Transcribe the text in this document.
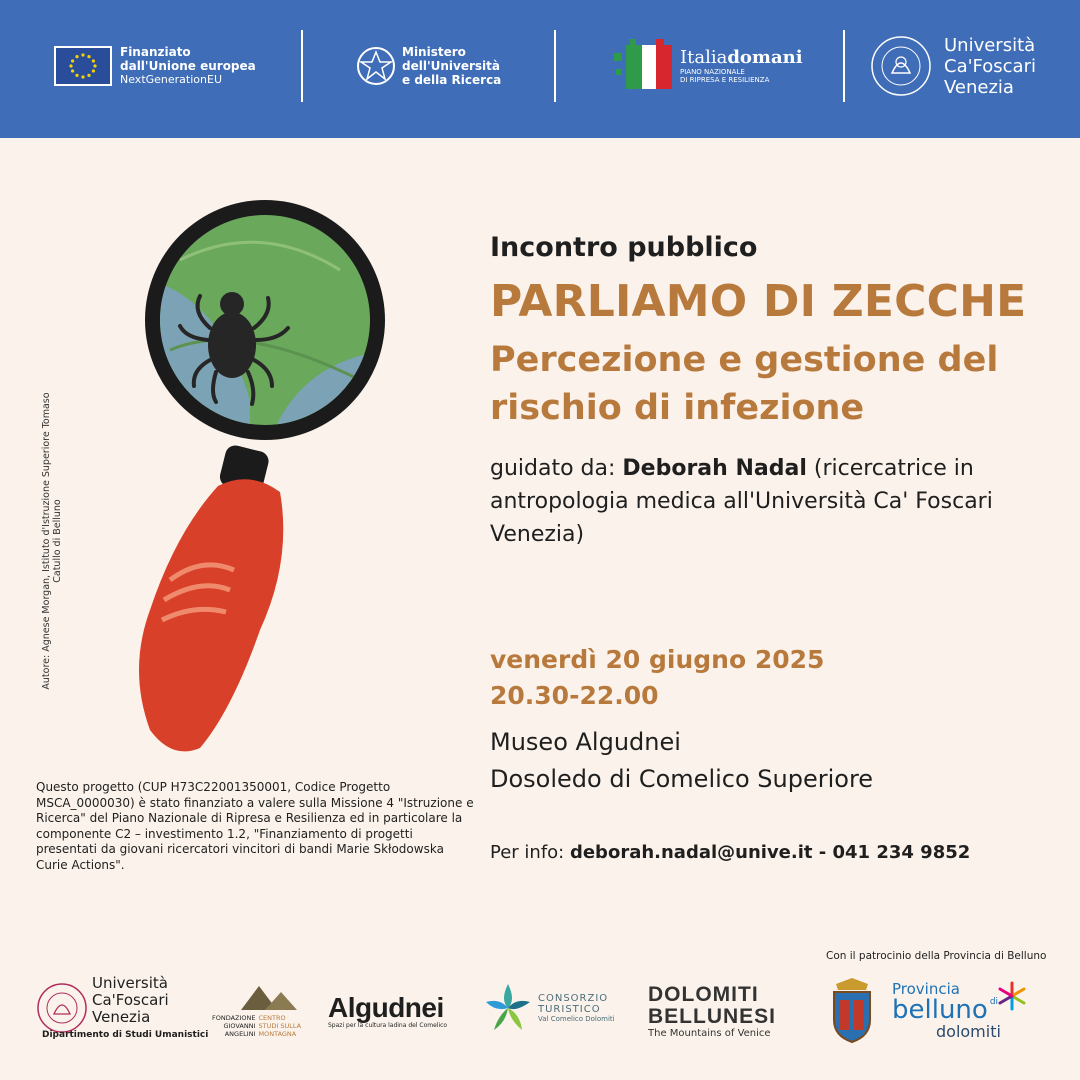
Finanziato
dall'Unione europea
NextGenerationEU
Ministero
dell'Università
e della Ricerca
Italiadomani
PIANO NAZIONALE
DI RIPRESA E RESILIENZA
Università
Ca'Foscari
Venezia
Autore: Agnese Morgan, Istituto d'Istruzione Superiore Tomaso Catullo di Belluno
Incontro pubblico
PARLIAMO DI ZECCHE
Percezione e gestione del rischio di infezione
guidato da: Deborah Nadal (ricercatrice in antropologia medica all'Università Ca' Foscari Venezia)
venerdì 20 giugno 2025
20.30-22.00
Museo Algudnei
Dosoledo di Comelico Superiore
Per info: deborah.nadal@unive.it - 041 234 9852
Questo progetto (CUP H73C22001350001, Codice Progetto MSCA_0000030) è stato finanziato a valere sulla Missione 4 "Istruzione e Ricerca" del Piano Nazionale di Ripresa e Resilienza ed in particolare la componente C2 – investimento 1.2, "Finanziamento di progetti presentati da giovani ricercatori vincitori di bandi Marie Skłodowska Curie Actions".
Con il patrocinio della Provincia di Belluno
Università
Ca'Foscari
Venezia
Dipartimento di Studi Umanistici
FONDAZIONE
GIOVANNI
ANGELINI
CENTRO
STUDI SULLA
MONTAGNA
Algudnei
Spazi per la cultura ladina del Comelico
CONSORZIO
TURISTICO
Val Comelico Dolomiti
DOLOMITI
BELLUNESI
The Mountains of Venice
Provincia
belluno di
dolomiti
